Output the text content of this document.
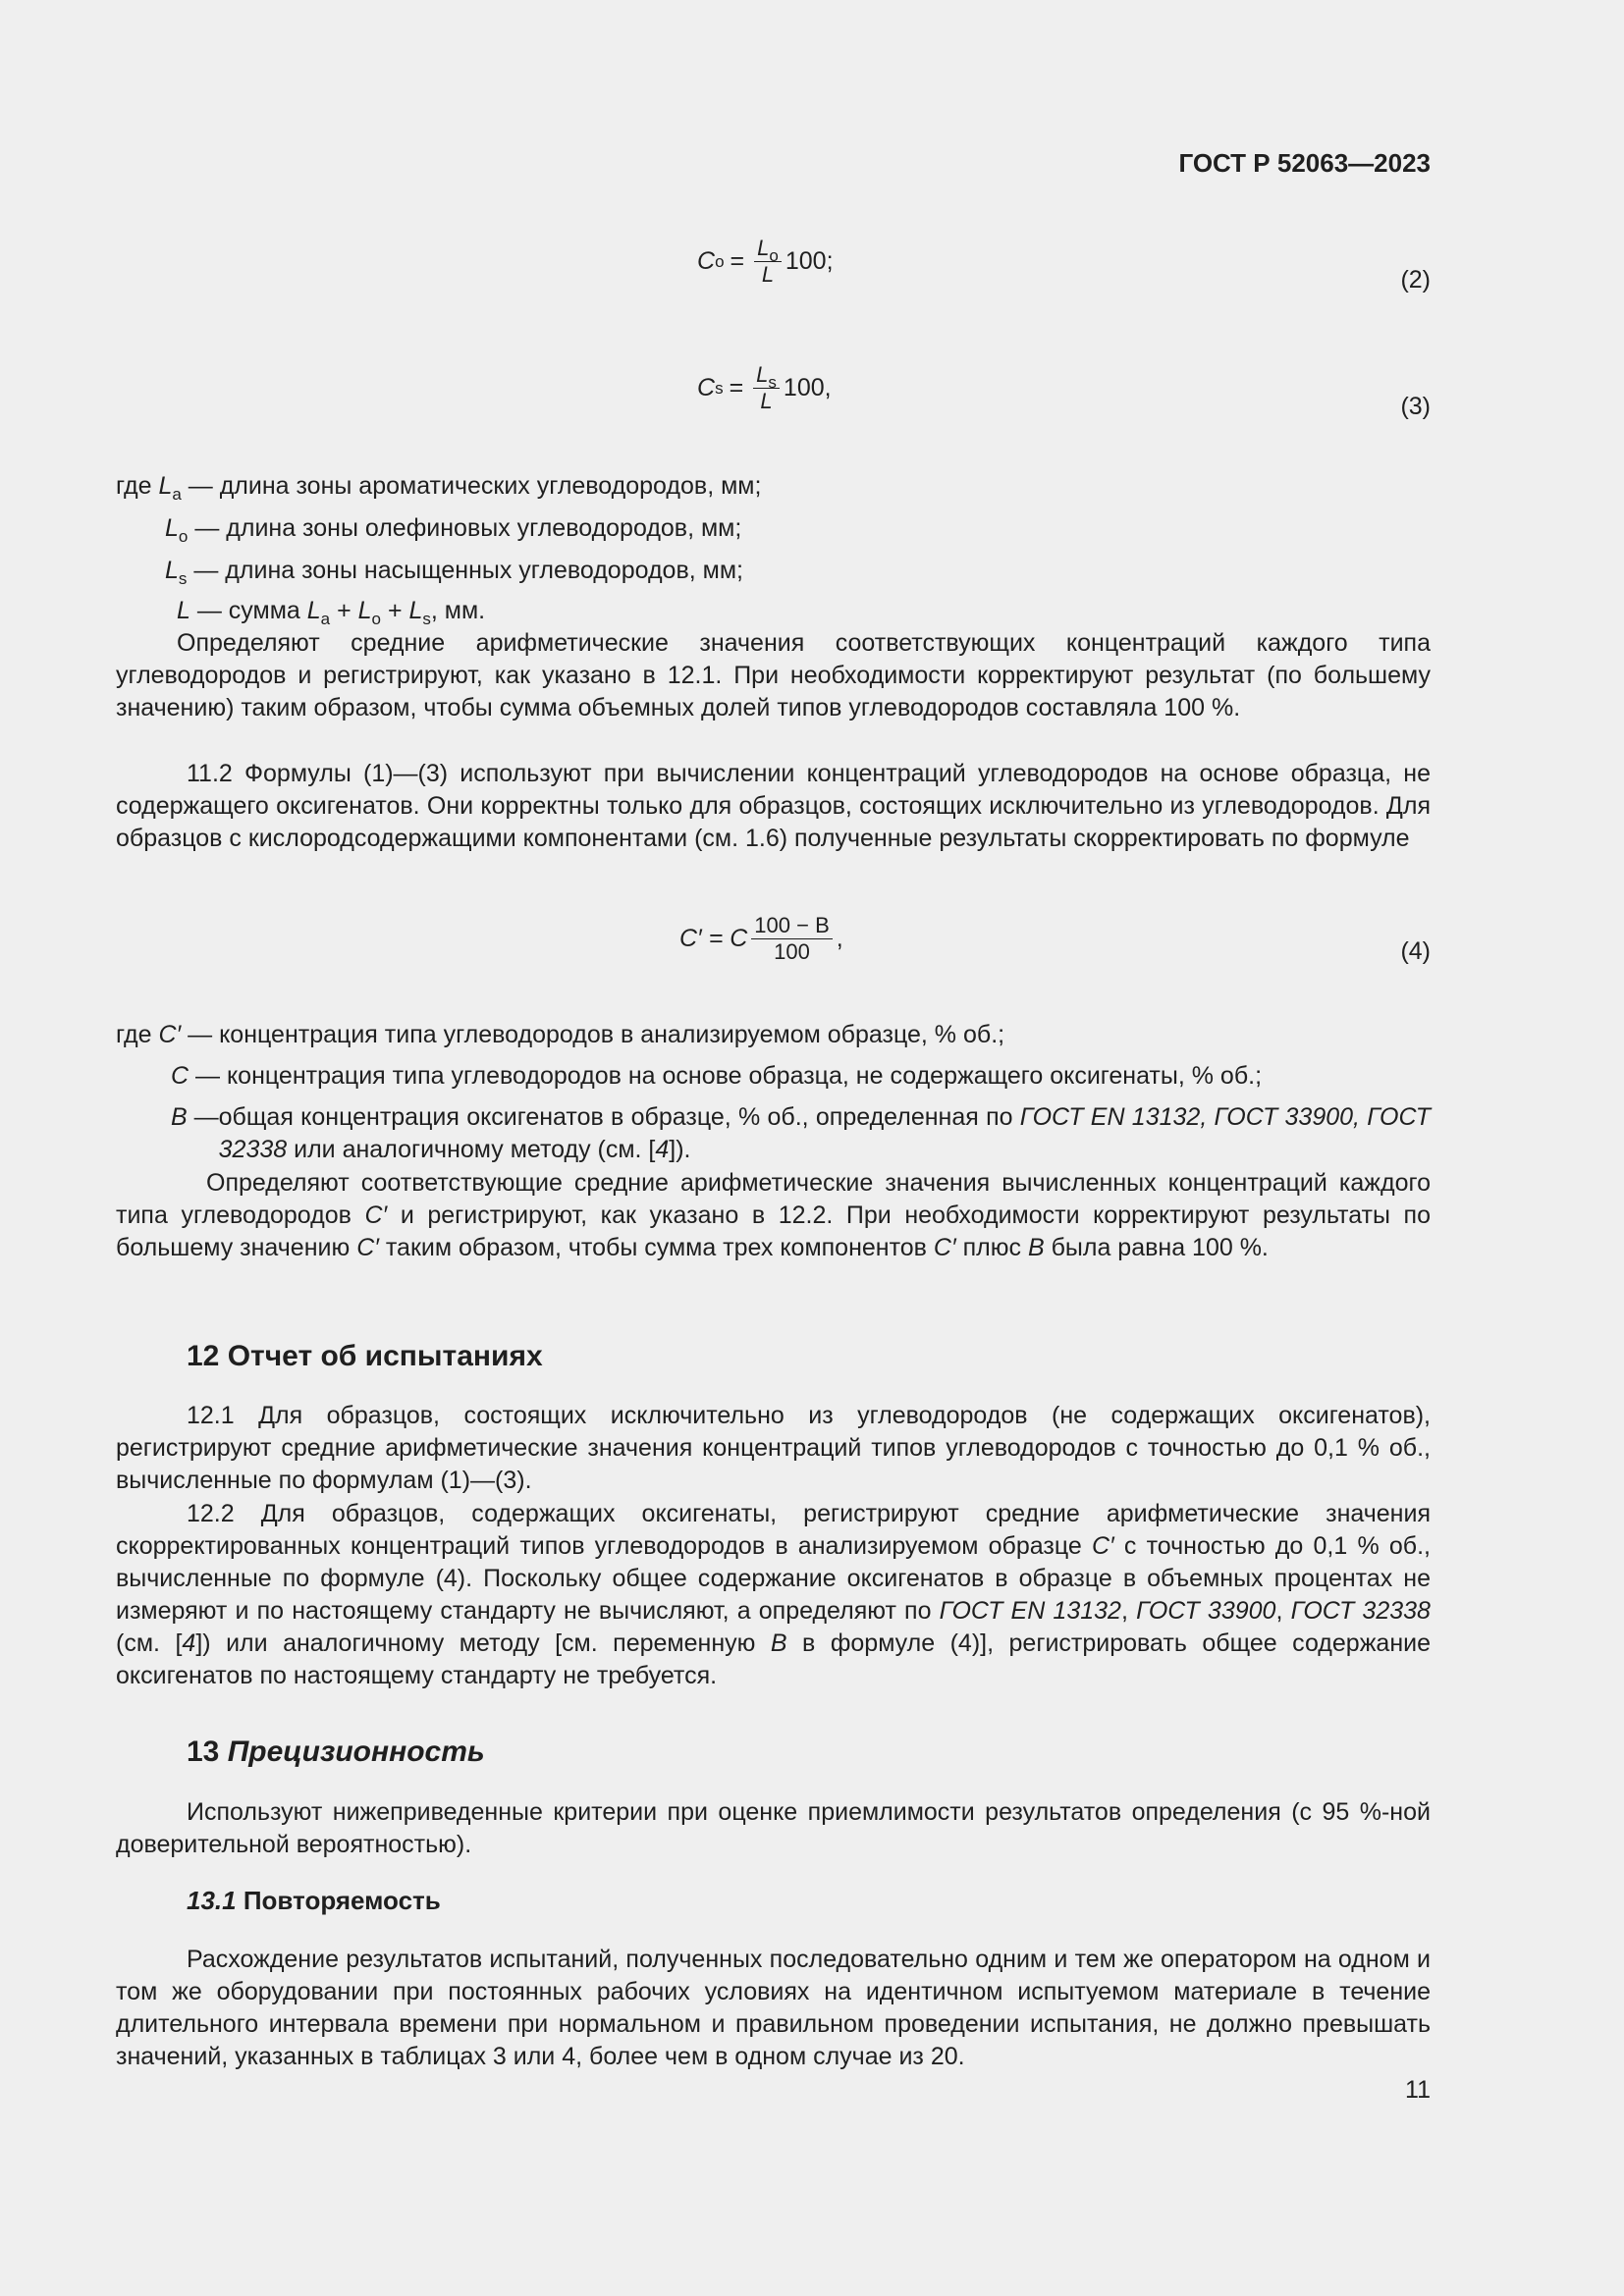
ГОСТ Р 52063—2023
C $o = \frac{L_o}{L} 100$;
(2)
C $s = \frac{L_s}{L} 100$,
(3)
где $L_a$ — длина зоны ароматических углеводородов, мм;
$L_o$ — длина зоны олефиновых углеводородов, мм;
$L_s$ — длина зоны насыщенных углеводородов, мм;
L — сумма $L_a + L_o + L_s$, мм.
Определяют средние арифметические значения соответствующих концентраций каждого типа углеводородов и регистрируют, как указано в 12.1. При необходимости корректируют результат (по большему значению) таким образом, чтобы сумма объемных долей типов углеводородов составляла 100 %.
11.2 Формулы (1)—(3) используют при вычислении концентраций углеводородов на основе образца, не содержащего оксигенатов. Они корректны только для образцов, состоящих исключительно из углеводородов. Для образцов с кислородсодержащими компонентами (см. 1.6) полученные результаты скорректировать по формуле
C′ = C $\frac{100 - B}{100}$ ,	(4)
где C′ — концентрация типа углеводородов в анализируемом образце, % об.;
C — концентрация типа углеводородов на основе образца, не содержащего оксигенаты, % об.;
B — общая концентрация оксигенатов в образце, % об., определенная по ГОСТ EN 13132, ГОСТ 33900, ГОСТ 32338 или аналогичному методу (см. [4]).
Определяют соответствующие средние арифметические значения вычисленных концентраций каждого типа углеводородов C′ и регистрируют, как указано в 12.2. При необходимости корректируют результаты по большему значению C′ таким образом, чтобы сумма трех компонентов C′ плюс B была равна 100 %.
12 Отчет об испытаниях
12.1 Для образцов, состоящих исключительно из углеводородов (не содержащих оксигенатов), регистрируют средние арифметические значения концентраций типов углеводородов с точностью до 0,1 % об., вычисленные по формулам (1)—(3).
12.2 Для образцов, содержащих оксигенаты, регистрируют средние арифметические значения скорректированных концентраций типов углеводородов в анализируемом образце C′ с точностью до 0,1 % об., вычисленные по формуле (4). Поскольку общее содержание оксигенатов в образце в объемных процентах не измеряют и по настоящему стандарту не вычисляют, а определяют по ГОСТ EN 13132, ГОСТ 33900, ГОСТ 32338 (см. [4]) или аналогичному методу [см. переменную B в формуле (4)], регистрировать общее содержание оксигенатов по настоящему стандарту не требуется.
13 Прецизионность
Используют нижеприведенные критерии при оценке приемлимости результатов определения (с 95 %-ной доверительной вероятностью).
13.1 Повторяемость
Расхождение результатов испытаний, полученных последовательно одним и тем же оператором на одном и том же оборудовании при постоянных рабочих условиях на идентичном испытуемом материале в течение длительного интервала времени при нормальном и правильном проведении испытания, не должно превышать значений, указанных в таблицах 3 или 4, более чем в одном случае из 20.
11
